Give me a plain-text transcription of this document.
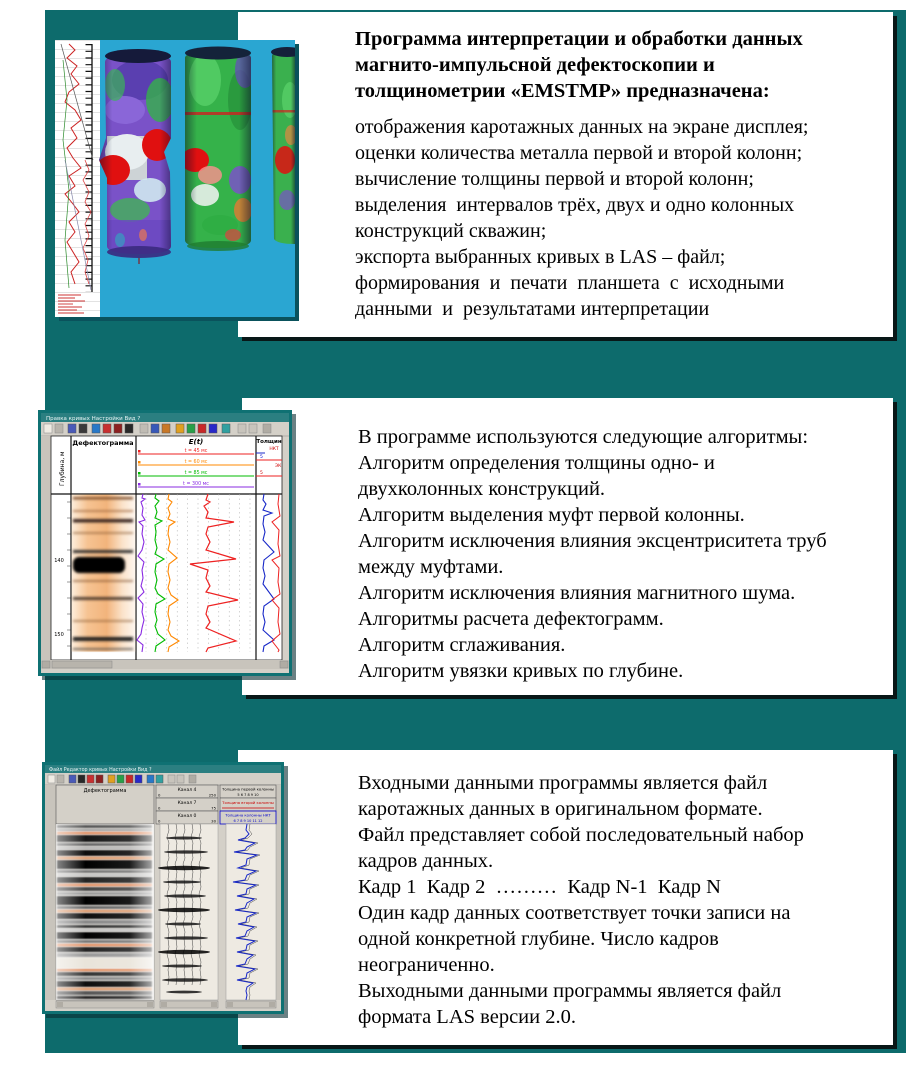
Программа интерпретации и обработки данных
магнито-импульсной дефектоскопии и
толщинометрии «EMSTMP» предназначена:
отображения каротажных данных на экране дисплея;
оценки количества металла первой и второй колонн;
вычисление толщины первой и второй колонн;
выделения  интервалов трёх, двух и одно колонных
конструкций скважин;
экспорта выбранных кривых в LAS – файл;
формирования  и  печати  планшета  с  исходными
данными  и  результатами интерпретации
В программе используются следующие алгоритмы:
Алгоритм определения толщины одно- и
двухколонных конструкций.
Алгоритм выделения муфт первой колонны.
Алгоритм исключения влияния эксцентриситета труб
между муфтами.
Алгоритм исключения влияния магнитного шума.
Алгоритмы расчета дефектограмм.
Алгоритм сглаживания.
Алгоритм увязки кривых по глубине.
Правка кривых Настройки Вид ?
Глубина, м
Дефектограмма	E(t)
t = 45 мс
t = 60 мс
t = 85 мс
t = 300 мс
Толщин
НКТ
5
ЭК
5
140
150
Входными данными программы является файл
каротажных данных в оригинальном формате.
Файл представляет собой последовательный набор
кадров данных.
Кадр 1  Кадр 2  ………  Кадр N-1  Кадр N
Один кадр данных соответствует точки записи на
одной конкретной глубине. Число кадров
неограниченно.
Выходными данными программы является файл
формата LAS версии 2.0.
Файл Редактор кривых Настройки Вид ?
Дефектограмма	Канал 4
0	250
Канал 7
0	75
Канал 0
0	30
Толщина первой колонны
5 6 7 8 9 10
Толщина второй колонны
Толщина колонны НКТ
6 7 8 9 10 11 12
